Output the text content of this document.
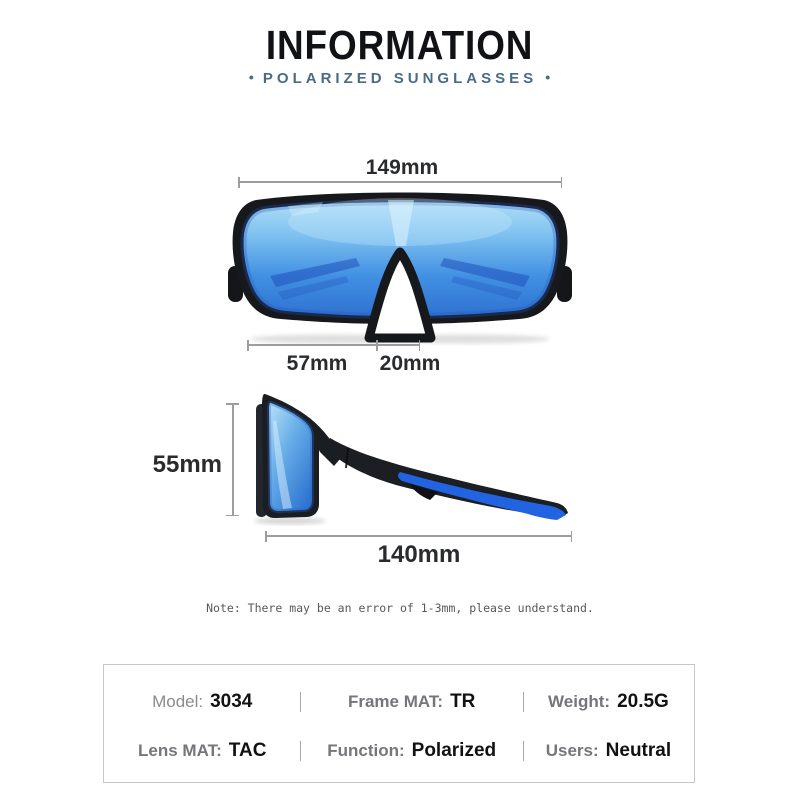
INFORMATION
• POLARIZED SUNGLASSES •
149mm
57mm	20mm
55mm
140mm
Note: There may be an error of 1-3mm, please understand.
Model: 3034	Frame MAT: TR	Weight: 20.5G
Lens MAT: TAC	Function: Polarized	Users: Neutral
